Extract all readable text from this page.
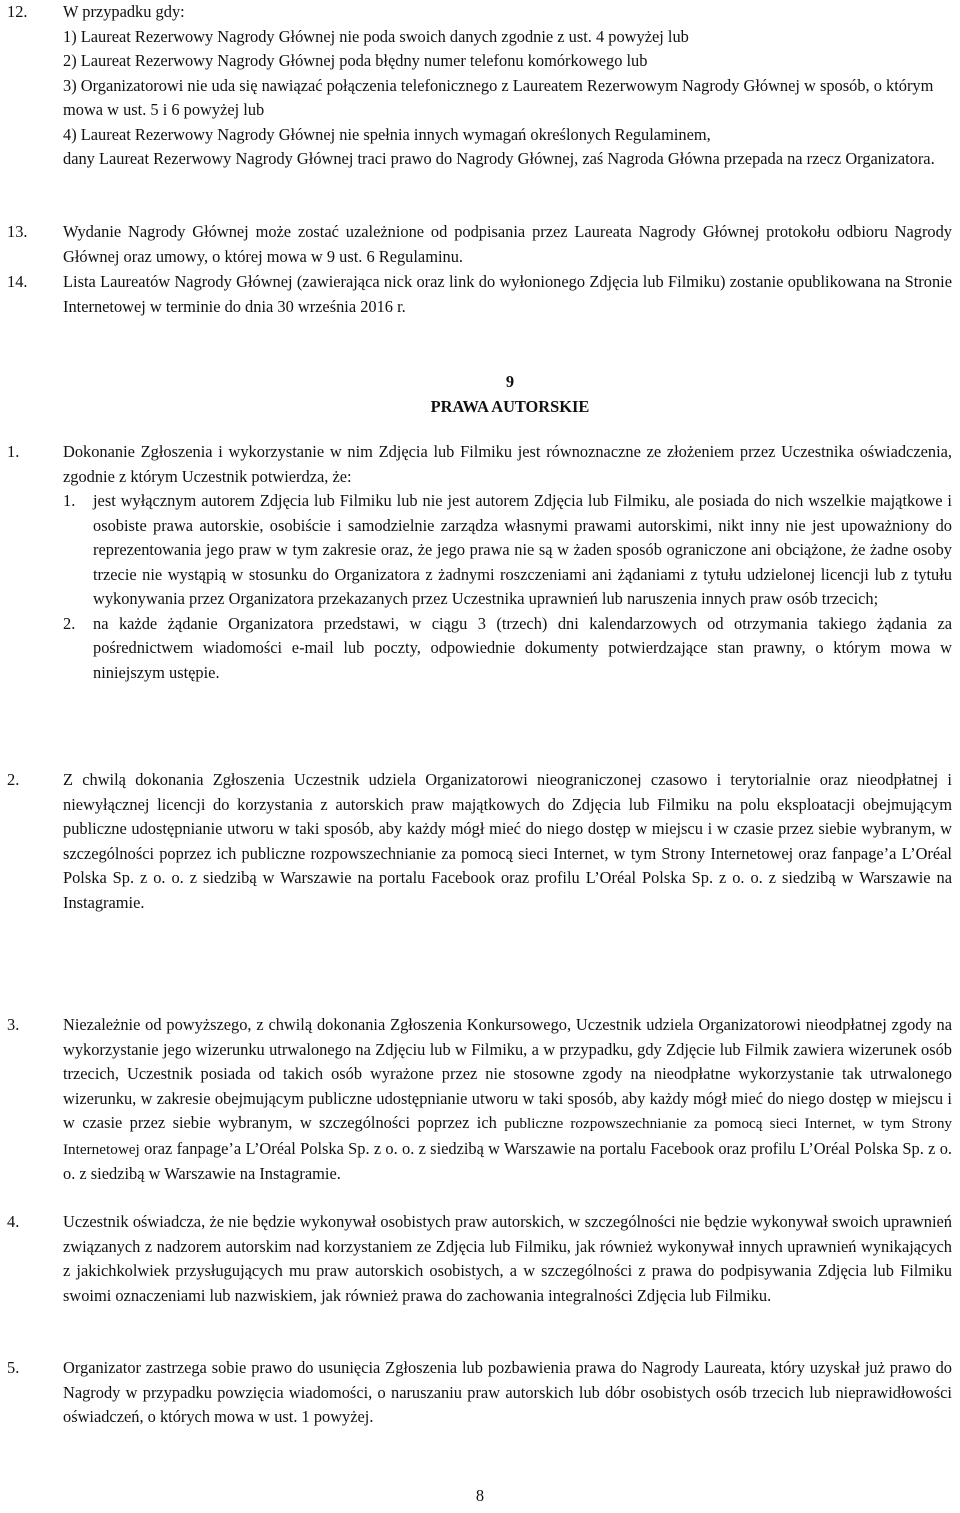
12. W przypadku gdy:
1) Laureat Rezerwowy Nagrody Głównej nie poda swoich danych zgodnie z ust. 4 powyżej lub
2) Laureat Rezerwowy Nagrody Głównej poda błędny numer telefonu komórkowego lub
3) Organizatorowi nie uda się nawiązać połączenia telefonicznego z Laureatem Rezerwowym Nagrody Głównej w sposób, o którym mowa w ust. 5 i 6 powyżej lub
4) Laureat Rezerwowy Nagrody Głównej nie spełnia innych wymagań określonych Regulaminem,
dany Laureat Rezerwowy Nagrody Głównej traci prawo do Nagrody Głównej, zaś Nagroda Główna przepada na rzecz Organizatora.
13. Wydanie Nagrody Głównej może zostać uzależnione od podpisania przez Laureata Nagrody Głównej protokołu odbioru Nagrody Głównej oraz umowy, o której mowa w 9 ust. 6 Regulaminu.
14. Lista Laureatów Nagrody Głównej (zawierająca nick oraz link do wyłonionego Zdjęcia lub Filmiku) zostanie opublikowana na Stronie Internetowej w terminie do dnia 30 września 2016 r.
9
PRAWA AUTORSKIE
1.	Dokonanie Zgłoszenia i wykorzystanie w nim Zdjęcia lub Filmiku jest równoznaczne ze złożeniem przez Uczestnika oświadczenia, zgodnie z którym Uczestnik potwierdza, że:
1. jest wyłącznym autorem Zdjęcia lub Filmiku lub nie jest autorem Zdjęcia lub Filmiku, ale posiada do nich wszelkie majątkowe i osobiste prawa autorskie, osobiście i samodzielnie zarządza własnymi prawami autorskimi, nikt inny nie jest upoważniony do reprezentowania jego praw w tym zakresie oraz, że jego prawa nie są w żaden sposób ograniczone ani obciążone, że żadne osoby trzecie nie wystąpią w stosunku do Organizatora z żadnymi roszczeniami ani żądaniami z tytułu udzielonej licencji lub z tytułu wykonywania przez Organizatora przekazanych przez Uczestnika uprawnień lub naruszenia innych praw osób trzecich;
2. na każde żądanie Organizatora przedstawi, w ciągu 3 (trzech) dni kalendarzowych od otrzymania takiego żądania za pośrednictwem wiadomości e-mail lub poczty, odpowiednie dokumenty potwierdzające stan prawny, o którym mowa w niniejszym ustępie.
2.	Z chwilą dokonania Zgłoszenia Uczestnik udziela Organizatorowi nieograniczonej czasowo i terytorialnie oraz nieodpłatnej i niewyłącznej licencji do korzystania z autorskich praw majątkowych do Zdjęcia lub Filmiku na polu eksploatacji obejmującym publiczne udostępnianie utworu w taki sposób, aby każdy mógł mieć do niego dostęp w miejscu i w czasie przez siebie wybranym, w szczególności poprzez ich publiczne rozpowszechnianie za pomocą sieci Internet, w tym Strony Internetowej oraz fanpage’a L’Oréal Polska Sp. z o. o. z siedzibą w Warszawie na portalu Facebook oraz profilu L’Oréal Polska Sp. z o. o. z siedzibą w Warszawie na Instagramie.
3.	Niezależnie od powyższego, z chwilą dokonania Zgłoszenia Konkursowego, Uczestnik udziela Organizatorowi nieodpłatnej zgody na wykorzystanie jego wizerunku utrwalonego na Zdjęciu lub w Filmiku, a w przypadku, gdy Zdjęcie lub Filmik zawiera wizerunek osób trzecich, Uczestnik posiada od takich osób wyrażone przez nie stosowne zgody na nieodpłatne wykorzystanie tak utrwalonego wizerunku, w zakresie obejmującym publiczne udostępnianie utworu w taki sposób, aby każdy mógł mieć do niego dostęp w miejscu i w czasie przez siebie wybranym, w szczególności poprzez ich publiczne rozpowszechnianie za pomocą sieci Internet, w tym Strony Internetowej oraz fanpage’a L’Oréal Polska Sp. z o. o. z siedzibą w Warszawie na portalu Facebook oraz profilu L’Oréal Polska Sp. z o. o. z siedzibą w Warszawie na Instagramie.
4.	Uczestnik oświadcza, że nie będzie wykonywał osobistych praw autorskich, w szczególności nie będzie wykonywał swoich uprawnień związanych z nadzorem autorskim nad korzystaniem ze Zdjęcia lub Filmiku, jak również wykonywał innych uprawnień wynikających z jakichkolwiek przysługujących mu praw autorskich osobistych, a w szczególności z prawa do podpisywania Zdjęcia lub Filmiku swoimi oznaczeniami lub nazwiskiem, jak również prawa do zachowania integralności Zdjęcia lub Filmiku.
5.	Organizator zastrzega sobie prawo do usunięcia Zgłoszenia lub pozbawienia prawa do Nagrody Laureata, który uzyskał już prawo do Nagrody w przypadku powzięcia wiadomości, o naruszaniu praw autorskich lub dóbr osobistych osób trzecich lub nieprawidłowości oświadczeń, o których mowa w ust. 1 powyżej.
8
